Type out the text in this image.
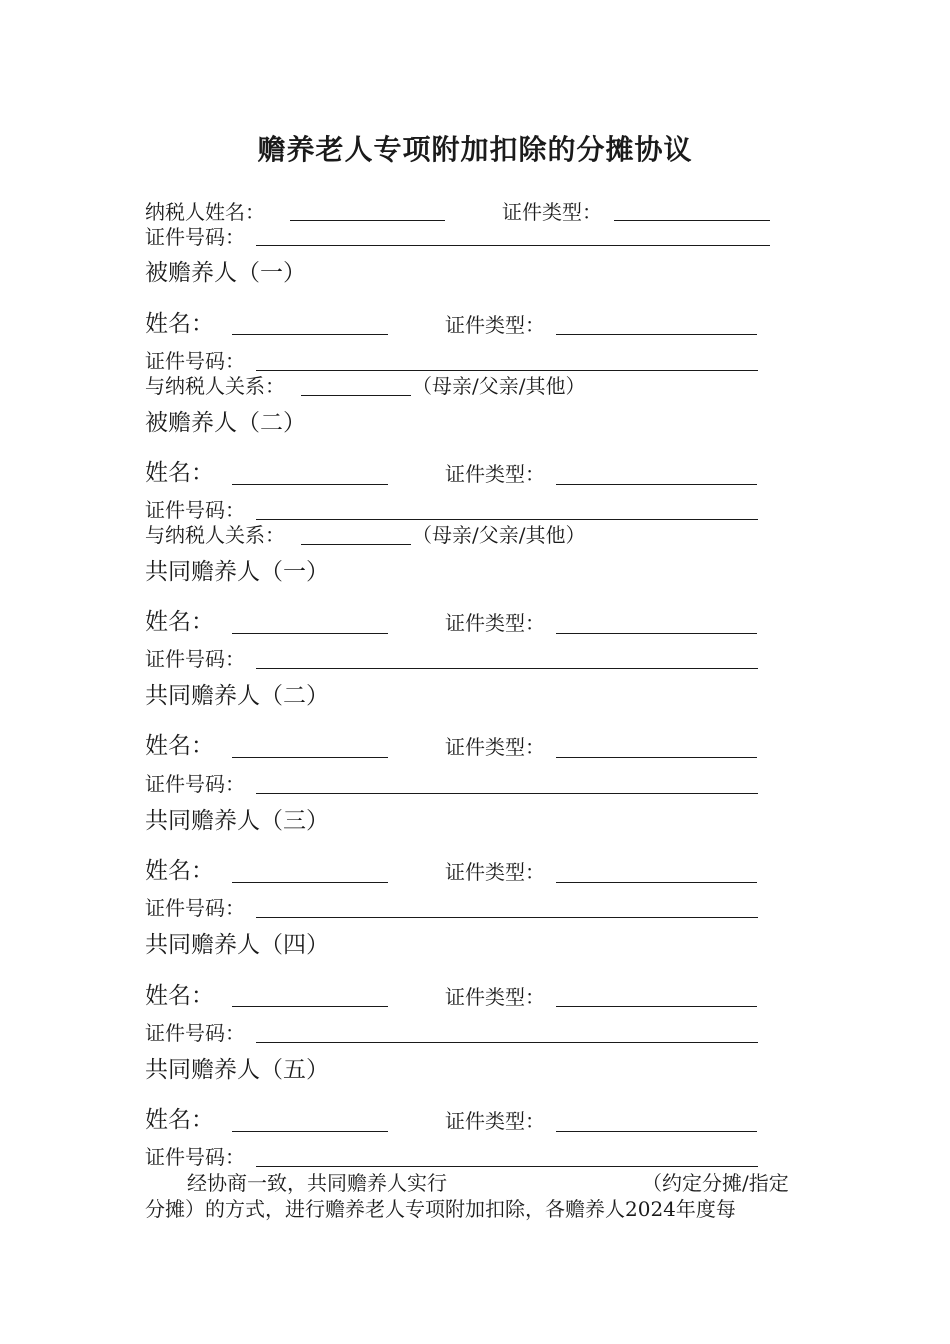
赡养老人专项附加扣除的分摊协议
纳税人姓名：	证件类型：
证件号码：
被赡养人（一）
姓名：	证件类型：
证件号码：
与纳税人关系：	（母亲/父亲/其他）
被赡养人（二）
姓名：	证件类型：
证件号码：
与纳税人关系：	（母亲/父亲/其他）
共同赡养人（一）
姓名：	证件类型：
证件号码：
共同赡养人（二）
姓名：	证件类型：
证件号码：
共同赡养人（三）
姓名：	证件类型：
证件号码：
共同赡养人（四）
姓名：	证件类型：
证件号码：
共同赡养人（五）
姓名：	证件类型：
证件号码：
经协商一致，共同赡养人实行	（约定分摊/指定
分摊）的方式，进行赡养老人专项附加扣除，各赡养人2024年度每
